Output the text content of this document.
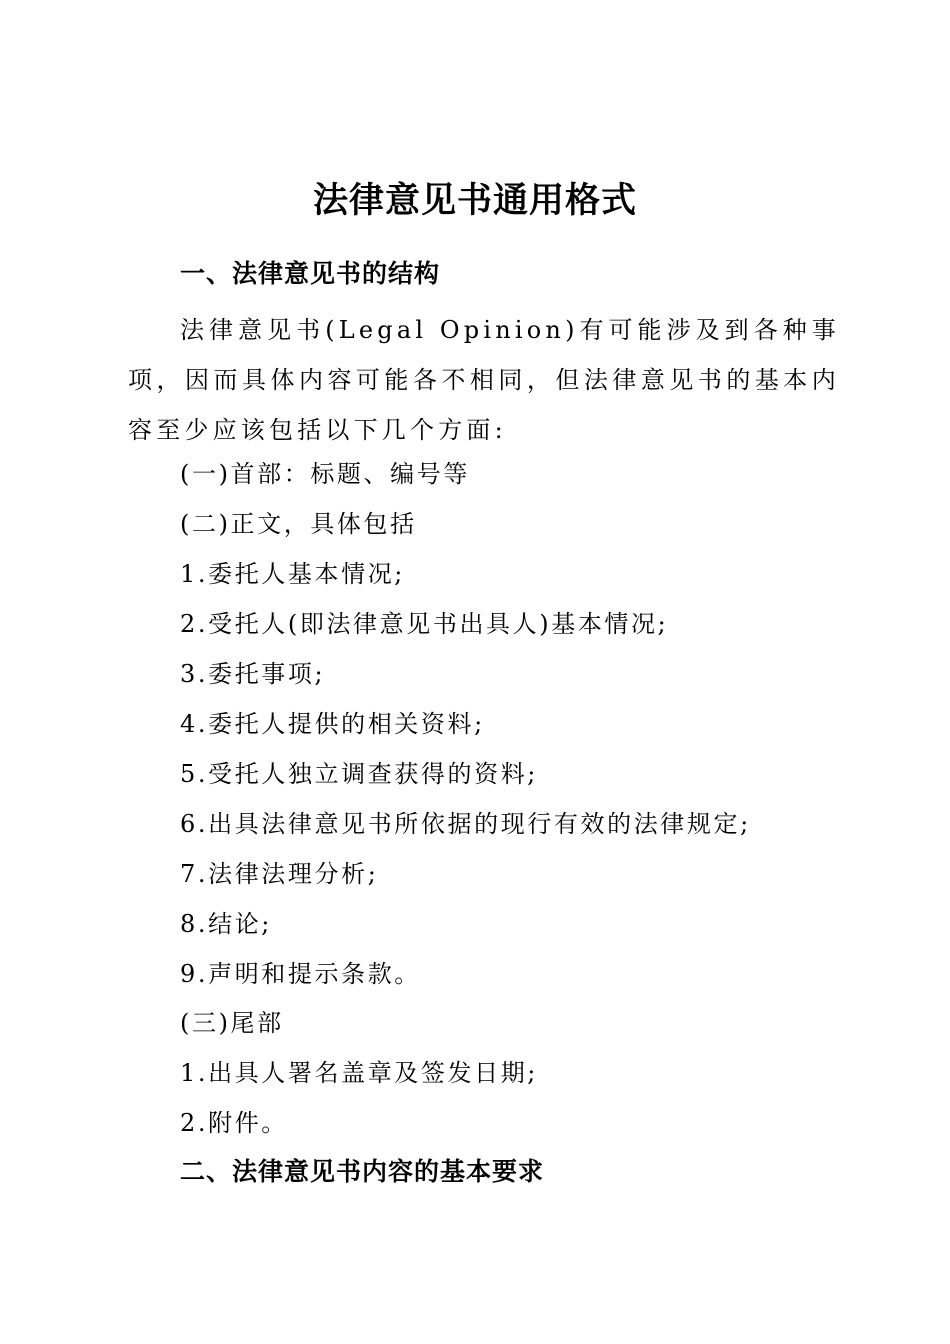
法律意见书通用格式
一、法律意见书的结构
法律意见书(Legal Opinion)有可能涉及到各种事项，因而具体内容可能各不相同，但法律意见书的基本内容至少应该包括以下几个方面:
(一)首部：标题、编号等
(二)正文，具体包括
1.委托人基本情况;
2.受托人(即法律意见书出具人)基本情况;
3.委托事项;
4.委托人提供的相关资料;
5.受托人独立调查获得的资料;
6.出具法律意见书所依据的现行有效的法律规定;
7.法律法理分析;
8.结论;
9.声明和提示条款。
(三)尾部
1.出具人署名盖章及签发日期;
2.附件。
二、法律意见书内容的基本要求
